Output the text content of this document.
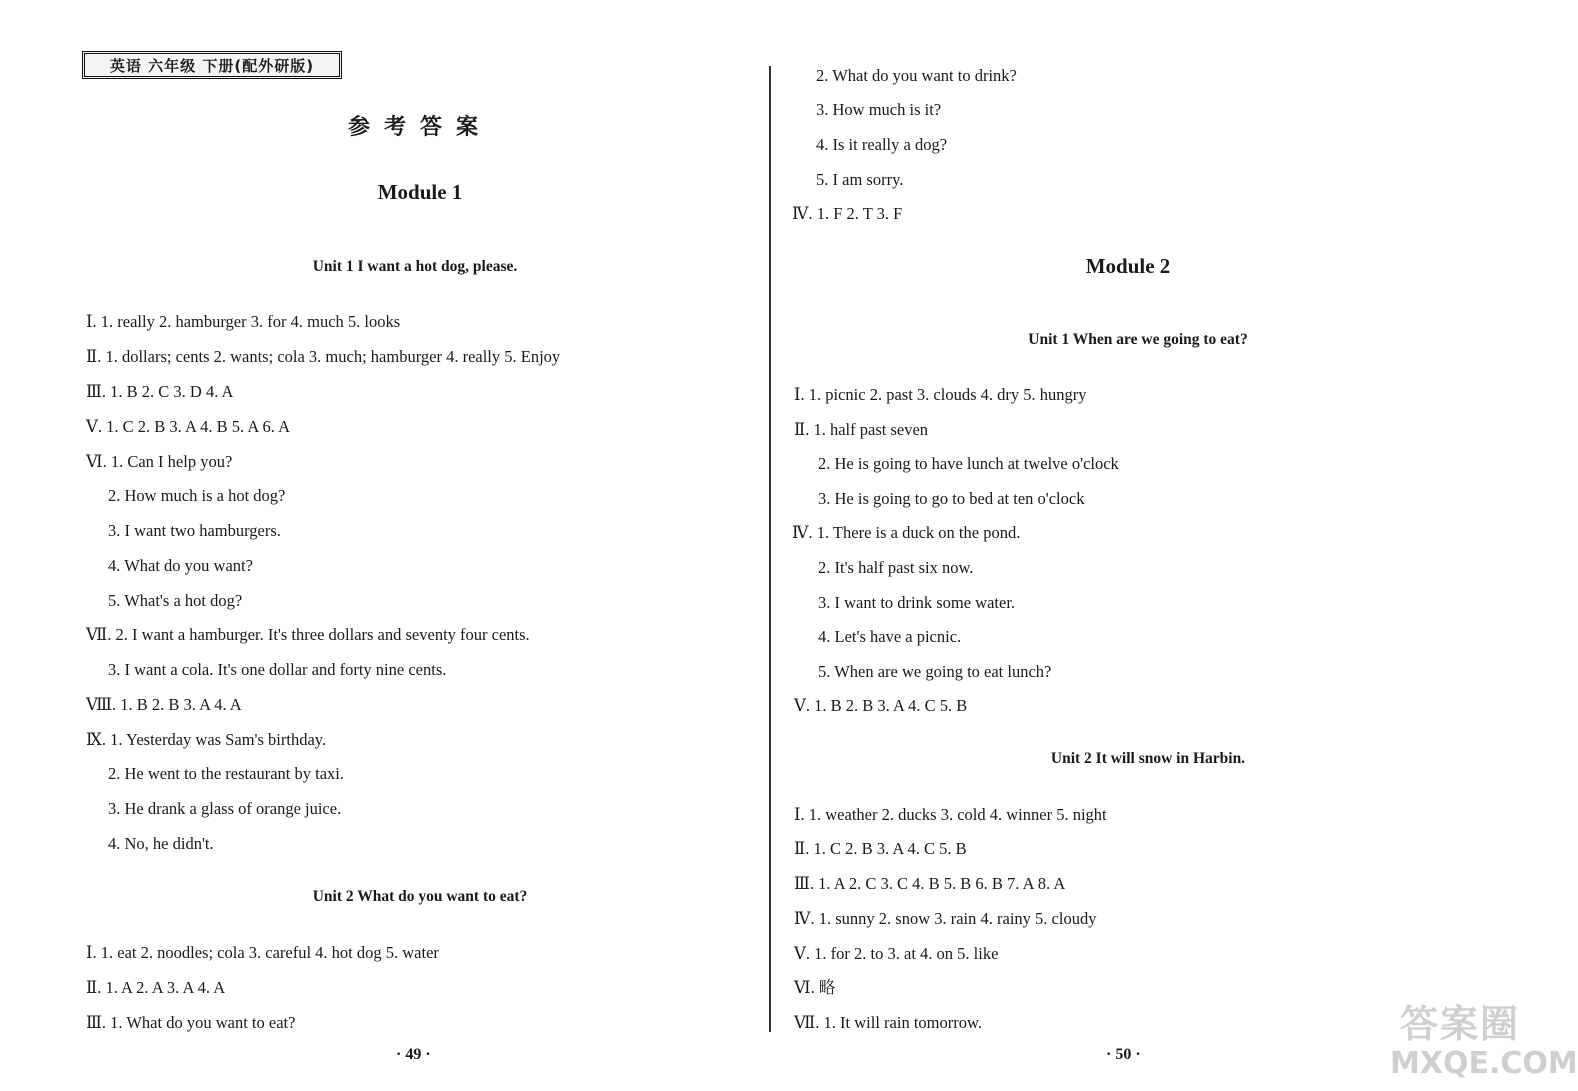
英语 六年级 下册(配外研版)
参考答案
Module 1
Unit 1 I want a hot dog, please.
Ⅰ. 1. really 2. hamburger 3. for 4. much 5. looks
Ⅱ. 1. dollars; cents 2. wants; cola 3. much; hamburger 4. really 5. Enjoy
Ⅲ. 1. B 2. C 3. D 4. A
Ⅴ. 1. C 2. B 3. A 4. B 5. A 6. A
Ⅵ. 1. Can I help you?
2. How much is a hot dog?
3. I want two hamburgers.
4. What do you want?
5. What's a hot dog?
Ⅶ. 2. I want a hamburger. It's three dollars and seventy four cents.
3. I want a cola. It's one dollar and forty nine cents.
Ⅷ. 1. B 2. B 3. A 4. A
Ⅸ. 1. Yesterday was Sam's birthday.
2. He went to the restaurant by taxi.
3. He drank a glass of orange juice.
4. No, he didn't.
Unit 2 What do you want to eat?
Ⅰ. 1. eat 2. noodles; cola 3. careful 4. hot dog 5. water
Ⅱ. 1. A 2. A 3. A 4. A
Ⅲ. 1. What do you want to eat?
· 49 ·
2. What do you want to drink?
3. How much is it?
4. Is it really a dog?
5. I am sorry.
Ⅳ. 1. F 2. T 3. F
Module 2
Unit 1 When are we going to eat?
Ⅰ. 1. picnic 2. past 3. clouds 4. dry 5. hungry
Ⅱ. 1. half past seven
2. He is going to have lunch at twelve o'clock
3. He is going to go to bed at ten o'clock
Ⅳ. 1. There is a duck on the pond.
2. It's half past six now.
3. I want to drink some water.
4. Let's have a picnic.
5. When are we going to eat lunch?
Ⅴ. 1. B 2. B 3. A 4. C 5. B
Unit 2 It will snow in Harbin.
Ⅰ. 1. weather 2. ducks 3. cold 4. winner 5. night
Ⅱ. 1. C 2. B 3. A 4. C 5. B
Ⅲ. 1. A 2. C 3. C 4. B 5. B 6. B 7. A 8. A
Ⅳ. 1. sunny 2. snow 3. rain 4. rainy 5. cloudy
Ⅴ. 1. for 2. to 3. at 4. on 5. like
Ⅵ. 略
Ⅶ. 1. It will rain tomorrow.
· 50 ·
答案圈
MXQE.COM
